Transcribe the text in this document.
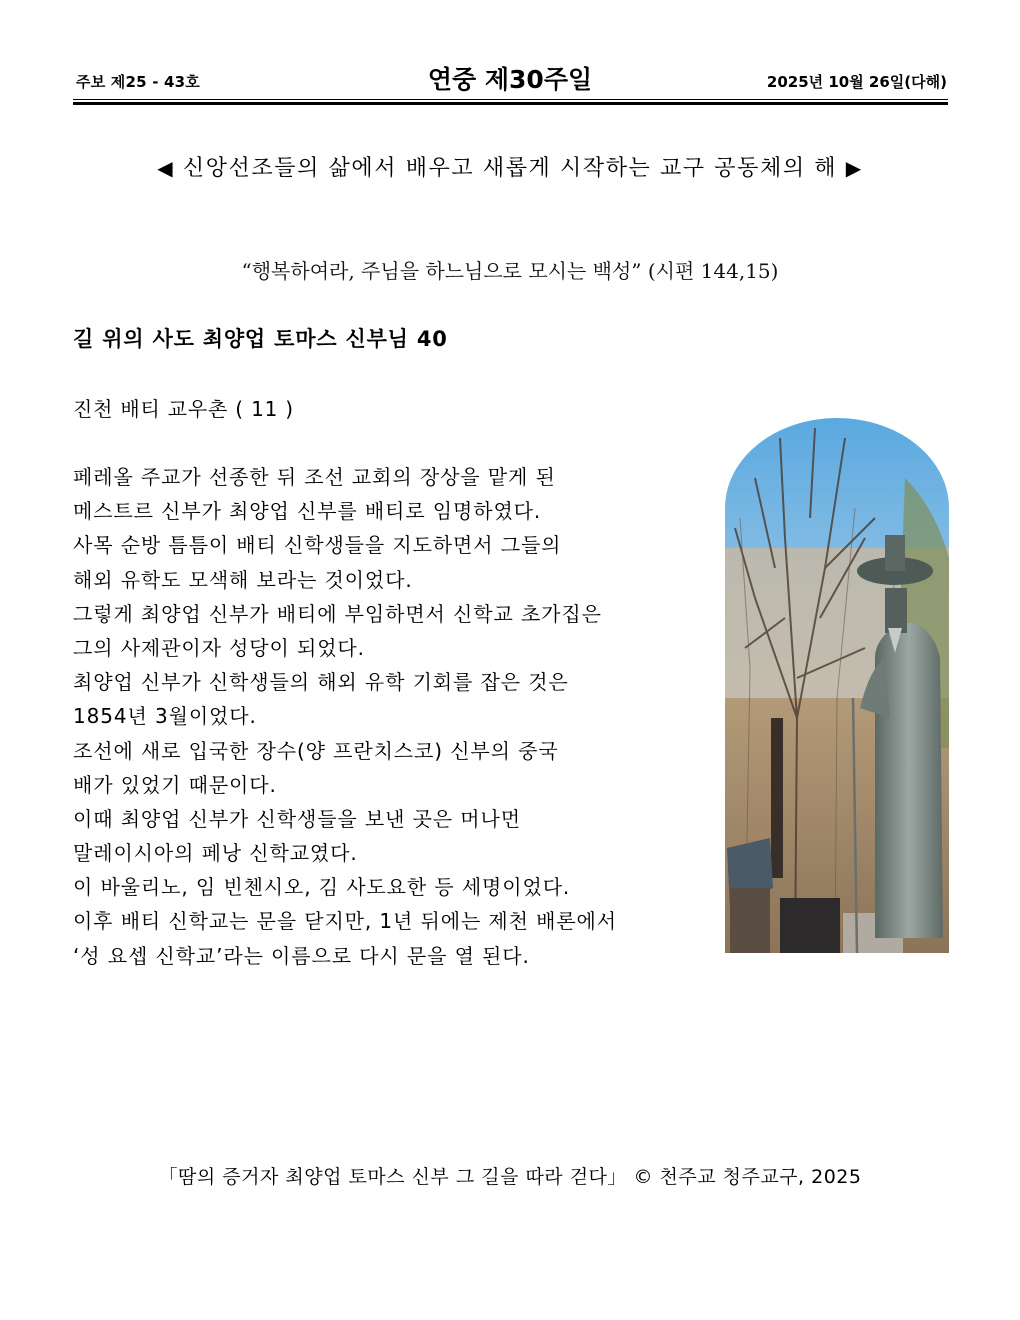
주보 제25 - 43호	연중 제30주일	2025년 10월 26일(다해)
◀ 신앙선조들의 삶에서 배우고 새롭게 시작하는 교구 공동체의 해 ▶
“행복하여라, 주님을 하느님으로 모시는 백성” (시편 144,15)
길 위의 사도 최양업 토마스 신부님 40
진천 배티 교우촌 ( 11 )
페레올 주교가 선종한 뒤 조선 교회의 장상을 맡게 된
메스트르 신부가 최양업 신부를 배티로 임명하였다.
사목 순방 틈틈이 배티 신학생들을 지도하면서 그들의
해외 유학도 모색해 보라는 것이었다.
그렇게 최양업 신부가 배티에 부임하면서 신학교 초가집은
그의 사제관이자 성당이 되었다.
최양업 신부가 신학생들의 해외 유학 기회를 잡은 것은
1854년 3월이었다.
조선에 새로 입국한 장수(양 프란치스코) 신부의 중국
배가 있었기 때문이다.
이때 최양업 신부가 신학생들을 보낸 곳은 머나먼
말레이시아의 페낭 신학교였다.
이 바울리노, 임 빈첸시오, 김 사도요한 등 세명이었다.
이후 배티 신학교는 문을 닫지만, 1년 뒤에는 제천 배론에서
‘성 요셉 신학교’라는 이름으로 다시 문을 열 된다.
「땀의 증거자 최양업 토마스 신부 그 길을 따라 걷다」 © 천주교 청주교구, 2025
